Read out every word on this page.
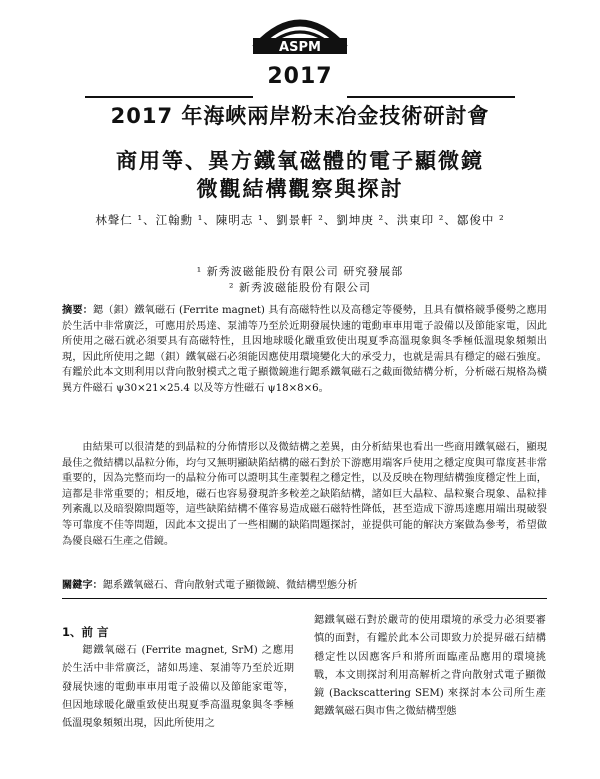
ASPM
2017
2017 年海峽兩岸粉末冶金技術研討會
商用等、異方鐵氧磁體的電子顯微鏡
微觀結構觀察與探討
林聲仁 ¹、江翰勳 ¹、陳明志 ¹、劉景軒 ²、劉坤庚 ²、洪東印 ²、鄒俊中 ²
¹ 新秀波磁能股份有限公司 研究發展部
² 新秀波磁能股份有限公司

摘要：鍶（鋇）鐵氧磁石 (Ferrite magnet) 具有高磁特性以及高穩定等優勢，且具有價格競爭優勢之應用於生活中非常廣泛，可應用於馬達、泵浦等乃至於近期發展快速的電動車車用電子設備以及節能家電，因此所使用之磁石就必須要具有高磁特性，且因地球暖化嚴重致使出現夏季高溫現象與冬季極低溫現象頻頻出現，因此所使用之鍶（鋇）鐵氧磁石必須能因應使用環境變化大的承受力，也就是需具有穩定的磁石強度。有鑑於此本文則利用以背向散射模式之電子顯微鏡進行鍶系鐵氧磁石之截面微結構分析，分析磁石規格為橫異方件磁石 ψ30×21×25.4 以及等方性磁石 ψ18×8×6。

由結果可以很清楚的到晶粒的分佈情形以及微結構之差異，由分析結果也看出一些商用鐵氧磁石，顯現最佳之微結構以晶粒分佈，均勻又無明顯缺陷結構的磁石對於下游應用端客戶使用之穩定度與可靠度甚非常重要的，因為完整而均一的晶粒分佈可以證明其生產製程之穩定性，以及反映在物理結構強度穩定性上面，這都是非常重要的；相反地，磁石也容易發現許多較差之缺陷結構，諸如巨大晶粒、晶粒聚合現象、晶粒排列紊亂以及暗裂隙問題等，這些缺陷結構不僅容易造成磁石磁特性降低，甚至造成下游馬達應用端出現破裂等可靠度不佳等問題，因此本文提出了一些相關的缺陷問題探討，並提供可能的解決方案做為參考，希望做為優良磁石生產之借鏡。

關鍵字：鍶系鐵氧磁石、背向散射式電子顯微鏡、微結構型態分析

1、前 言

鍶鐵氧磁石 (Ferrite magnet, SrM) 之應用於生活中非常廣泛，諸如馬達、泵浦等乃至於近期發展快速的電動車車用電子設備以及節能家電等，但因地球暖化嚴重致使出現夏季高溫現象與冬季極低溫現象頻頻出現，因此所使用之

鍶鐵氧磁石對於嚴苛的使用環境的承受力必須要審慎的面對，有鑑於此本公司即致力於提昇磁石結構穩定性以因應客戶和將所面臨產品應用的環境挑戰，本文則探討利用高解析之背向散射式電子顯微鏡 (Backscattering SEM) 來探討本公司所生產鍶鐵氧磁石與市售之微結構型態
